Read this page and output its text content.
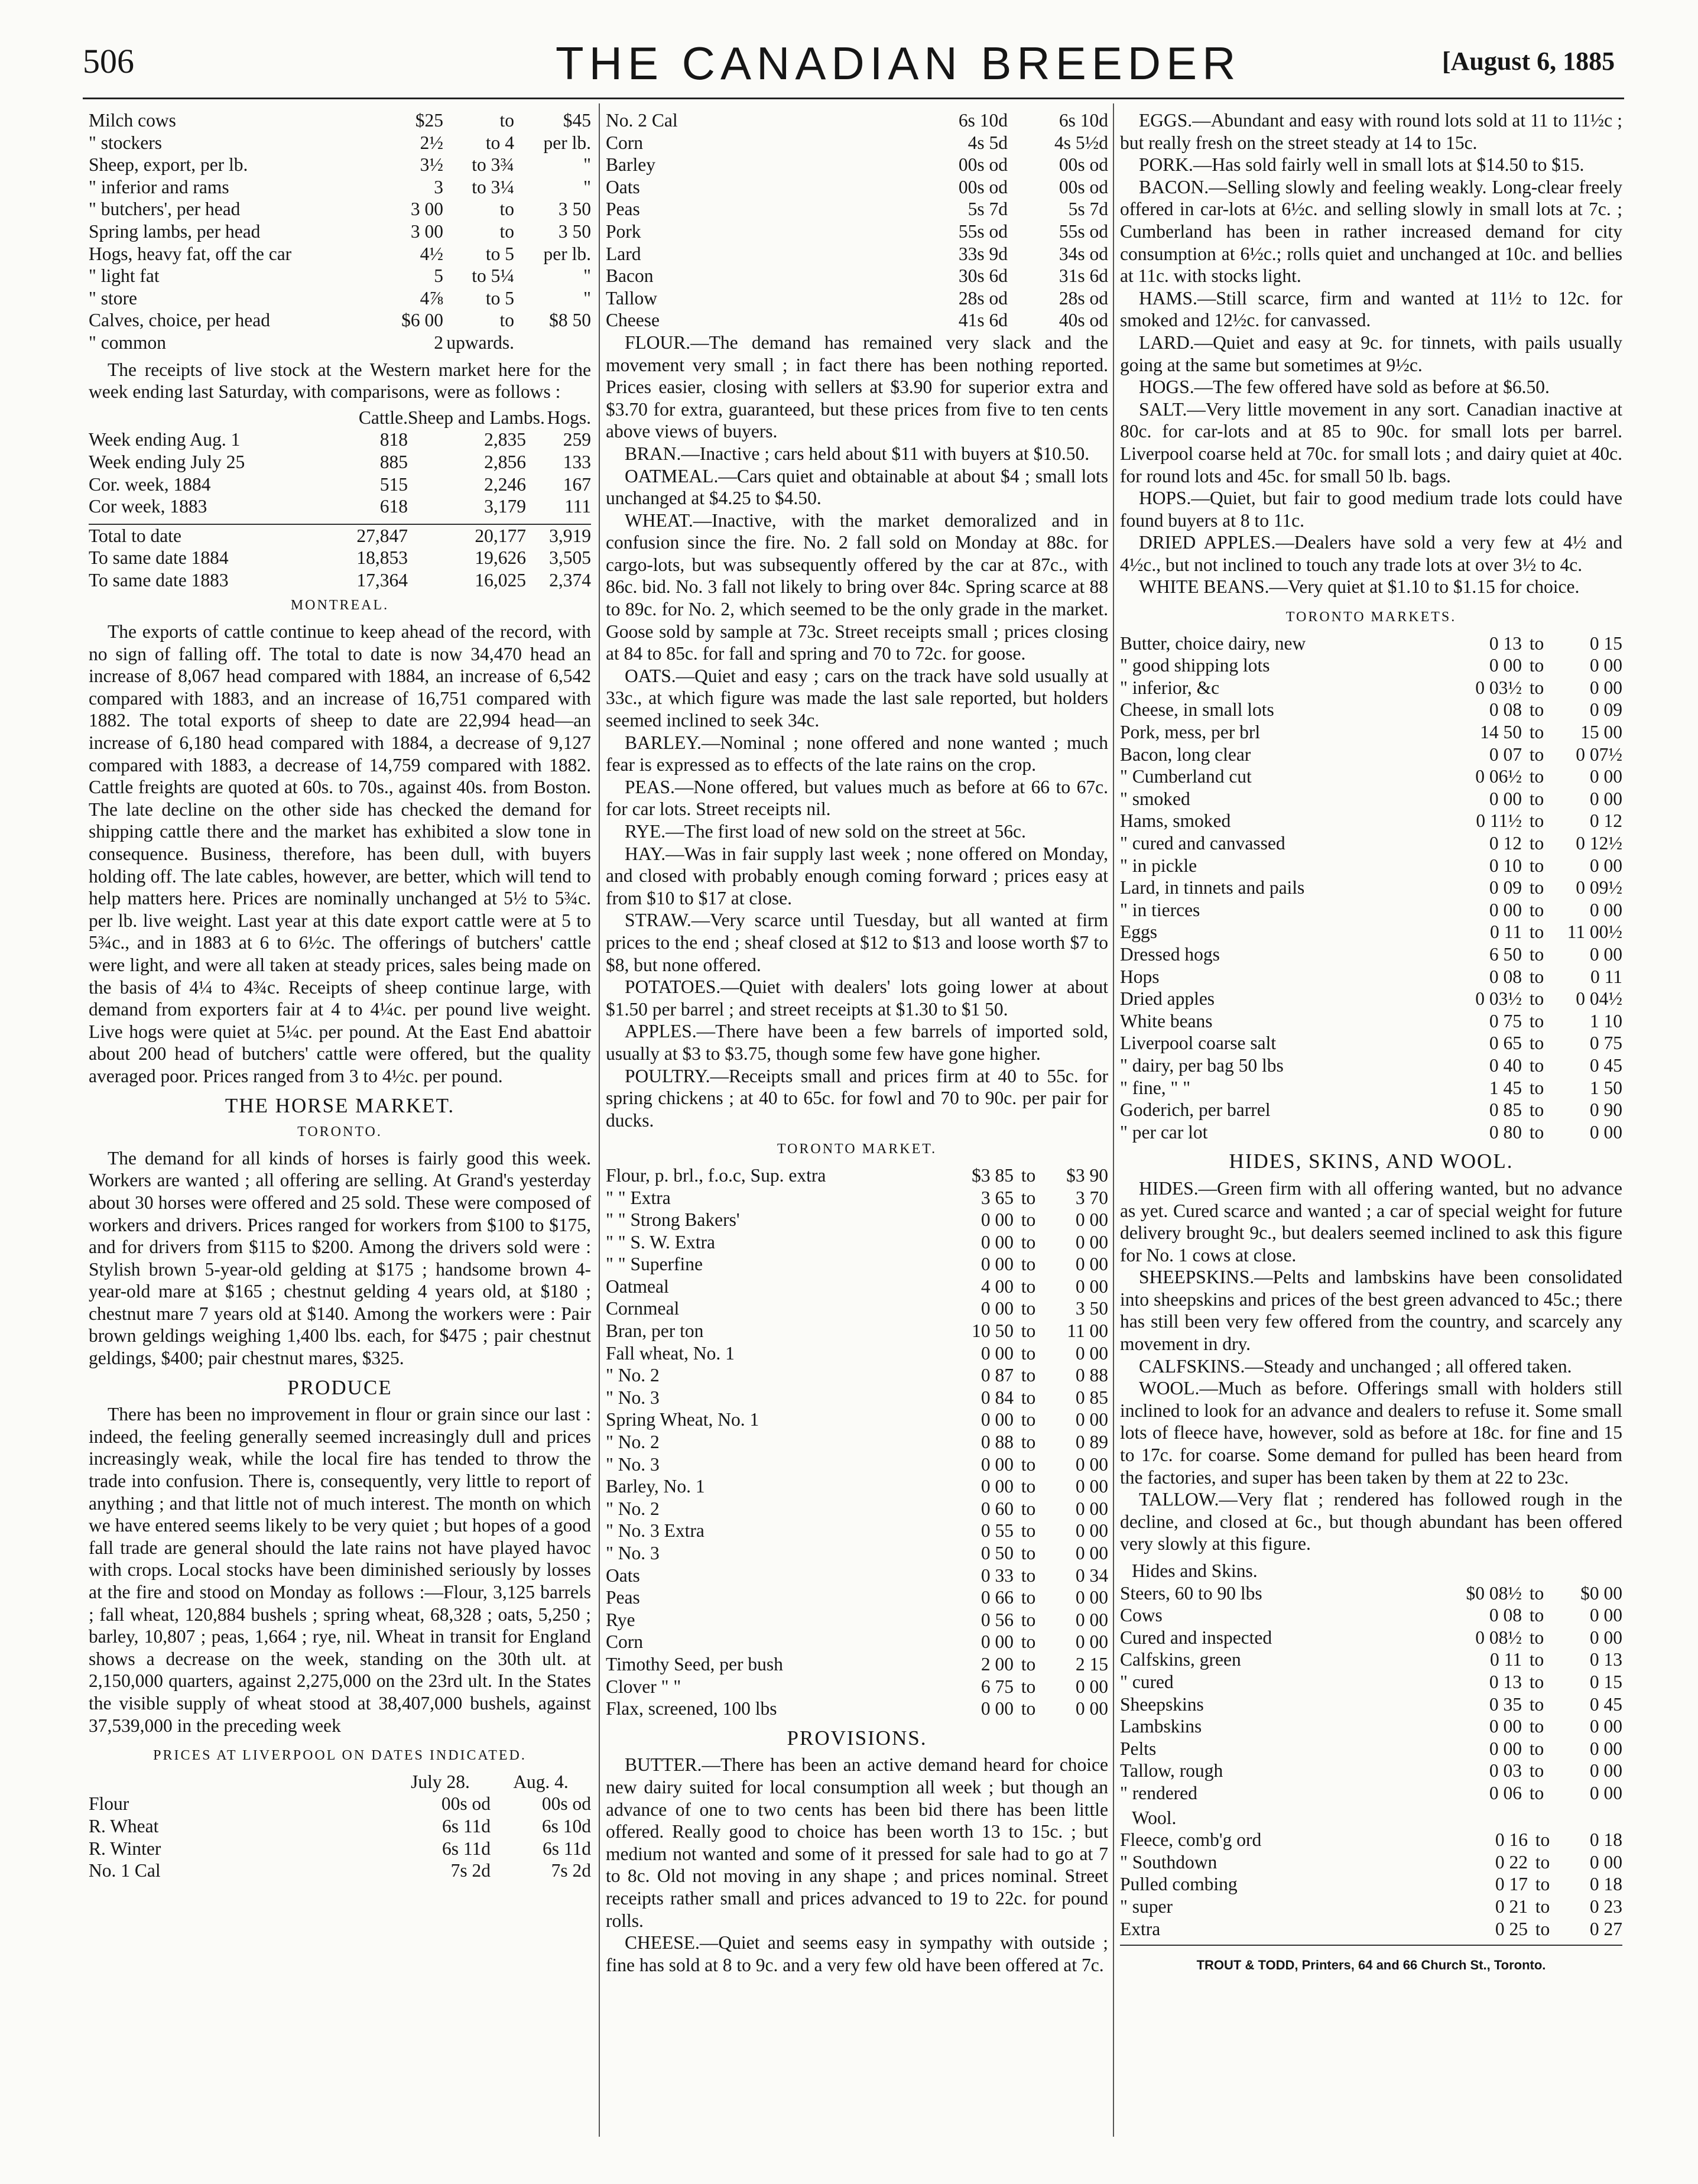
506	THE CANADIAN BREEDER	[August 6, 1885
Milch cows	$25	to	$45
" stockers	2½	to 4	per lb.
Sheep, export, per lb.	3½	to 3¾	"
" inferior and rams	3	to 3¼	"
" butchers', per head	3 00	to	3 50
Spring lambs, per head	3 00	to	3 50
Hogs, heavy fat, off the car	4½	to 5	per lb.
" light fat	5	to 5¼	"
" store	4⅞	to 5	"
Calves, choice, per head	$6 00	to	$8 50
" common	2 upwards.

The receipts of live stock at the Western market here for the week ending last Saturday, with comparisons, were as follows :

Cattle. Sheep and Lambs. Hogs.
Week ending Aug. 1	818	2,835	259
Week ending July 25	885	2,856	133
Cor. week, 1884	515	2,246	167
Cor week, 1883	618	3,179	111
Total to date	27,847	20,177	3,919
To same date 1884	18,853	19,626	3,505
To same date 1883	17,364	16,025	2,374
MONTREAL.

The exports of cattle continue to keep ahead of the record, with no sign of falling off. The total to date is now 34,470 head an increase of 8,067 head compared with 1884, an increase of 6,542 compared with 1883, and an increase of 16,751 compared with 1882. The total exports of sheep to date are 22,994 head—an increase of 6,180 head compared with 1884, a decrease of 9,127 compared with 1883, a decrease of 14,759 compared with 1882. Cattle freights are quoted at 60s. to 70s., against 40s. from Boston. The late decline on the other side has checked the demand for shipping cattle there and the market has exhibited a slow tone in consequence. Business, therefore, has been dull, with buyers holding off. The late cables, however, are better, which will tend to help matters here. Prices are nominally unchanged at 5½ to 5¾c. per lb. live weight. Last year at this date export cattle were at 5 to 5¾c., and in 1883 at 6 to 6½c. The offerings of butchers' cattle were light, and were all taken at steady prices, sales being made on the basis of 4¼ to 4¾c. Receipts of sheep continue large, with demand from exporters fair at 4 to 4¼c. per pound live weight. Live hogs were quiet at 5¼c. per pound. At the East End abattoir about 200 head of butchers' cattle were offered, but the quality averaged poor. Prices ranged from 3 to 4½c. per pound.

THE HORSE MARKET.
TORONTO.

The demand for all kinds of horses is fairly good this week. Workers are wanted ; all offering are selling. At Grand's yesterday about 30 horses were offered and 25 sold. These were composed of workers and drivers. Prices ranged for workers from $100 to $175, and for drivers from $115 to $200. Among the drivers sold were : Stylish brown 5-year-old gelding at $175 ; handsome brown 4-year-old mare at $165 ; chestnut gelding 4 years old, at $180 ; chestnut mare 7 years old at $140. Among the workers were : Pair brown geldings weighing 1,400 lbs. each, for $475 ; pair chestnut geldings, $400; pair chestnut mares, $325.

PRODUCE

There has been no improvement in flour or grain since our last : indeed, the feeling generally seemed increasingly dull and prices increasingly weak, while the local fire has tended to throw the trade into confusion. There is, consequently, very little to report of anything ; and that little not of much interest. The month on which we have entered seems likely to be very quiet ; but hopes of a good fall trade are general should the late rains not have played havoc with crops. Local stocks have been diminished seriously by losses at the fire and stood on Monday as follows :—Flour, 3,125 barrels ; fall wheat, 120,884 bushels ; spring wheat, 68,328 ; oats, 5,250 ; barley, 10,807 ; peas, 1,664 ; rye, nil. Wheat in transit for England shows a decrease on the week, standing on the 30th ult. at 2,150,000 quarters, against 2,275,000 on the 23rd ult. In the States the visible supply of wheat stood at 38,407,000 bushels, against 37,539,000 in the preceding week

PRICES AT LIVERPOOL ON DATES INDICATED.
July 28.	Aug. 4.
Flour	00s od	00s od
R. Wheat	6s 11d	6s 10d
R. Winter	6s 11d	6s 11d
No. 1 Cal	7s 2d	7s 2d
No. 2 Cal	6s 10d	6s 10d
Corn	4s 5d	4s 5½d
Barley	00s od	00s od
Oats	00s od	00s od
Peas	5s 7d	5s 7d
Pork	55s od	55s od
Lard	33s 9d	34s od
Bacon	30s 6d	31s 6d
Tallow	28s od	28s od
Cheese	41s 6d	40s od

FLOUR.—The demand has remained very slack and the movement very small ; in fact there has been nothing reported. Prices easier, closing with sellers at $3.90 for superior extra and $3.70 for extra, guaranteed, but these prices from five to ten cents above views of buyers.

BRAN.—Inactive ; cars held about $11 with buyers at $10.50.

OATMEAL.—Cars quiet and obtainable at about $4 ; small lots unchanged at $4.25 to $4.50.

WHEAT.—Inactive, with the market demoralized and in confusion since the fire. No. 2 fall sold on Monday at 88c. for cargo-lots, but was subsequently offered by the car at 87c., with 86c. bid. No. 3 fall not likely to bring over 84c. Spring scarce at 88 to 89c. for No. 2, which seemed to be the only grade in the market. Goose sold by sample at 73c. Street receipts small ; prices closing at 84 to 85c. for fall and spring and 70 to 72c. for goose.

OATS.—Quiet and easy ; cars on the track have sold usually at 33c., at which figure was made the last sale reported, but holders seemed inclined to seek 34c.

BARLEY.—Nominal ; none offered and none wanted ; much fear is expressed as to effects of the late rains on the crop.

PEAS.—None offered, but values much as before at 66 to 67c. for car lots. Street receipts nil.

RYE.—The first load of new sold on the street at 56c.

HAY.—Was in fair supply last week ; none offered on Monday, and closed with probably enough coming forward ; prices easy at from $10 to $17 at close.

STRAW.—Very scarce until Tuesday, but all wanted at firm prices to the end ; sheaf closed at $12 to $13 and loose worth $7 to $8, but none offered.

POTATOES.—Quiet with dealers' lots going lower at about $1.50 per barrel ; and street receipts at $1.30 to $1 50.

APPLES.—There have been a few barrels of imported sold, usually at $3 to $3.75, though some few have gone higher.

POULTRY.—Receipts small and prices firm at 40 to 55c. for spring chickens ; at 40 to 65c. for fowl and 70 to 90c. per pair for ducks.

TORONTO MARKET.
Flour, p. brl., f.o.c, Sup. extra	$3 85 to	$3 90
" " Extra	3 65 to	3 70
" " Strong Bakers'	0 00 to	0 00
" " S. W. Extra	0 00 to	0 00
" " Superfine	0 00 to	0 00
Oatmeal	4 00 to	0 00
Cornmeal	0 00 to	3 50
Bran, per ton	10 50 to	11 00
Fall wheat, No. 1	0 00 to	0 00
" No. 2	0 87 to	0 88
" No. 3	0 84 to	0 85
Spring Wheat, No. 1	0 00 to	0 00
" No. 2	0 88 to	0 89
" No. 3	0 00 to	0 00
Barley, No. 1	0 00 to	0 00
" No. 2	0 60 to	0 00
" No. 3 Extra	0 55 to	0 00
" No. 3	0 50 to	0 00
Oats	0 33 to	0 34
Peas	0 66 to	0 00
Rye	0 56 to	0 00
Corn	0 00 to	0 00
Timothy Seed, per bush	2 00 to	2 15
Clover " "	6 75 to	0 00
Flax, screened, 100 lbs	0 00 to	0 00
PROVISIONS.

BUTTER.—There has been an active demand heard for choice new dairy suited for local consumption all week ; but though an advance of one to two cents has been bid there has been little offered. Really good to choice has been worth 13 to 15c. ; but medium not wanted and some of it pressed for sale had to go at 7 to 8c. Old not moving in any shape ; and prices nominal. Street receipts rather small and prices advanced to 19 to 22c. for pound rolls.

CHEESE.—Quiet and seems easy in sympathy with outside ; fine has sold at 8 to 9c. and a very few old have been offered at 7c.

EGGS.—Abundant and easy with round lots sold at 11 to 11½c ; but really fresh on the street steady at 14 to 15c.

PORK.—Has sold fairly well in small lots at $14.50 to $15.

BACON.—Selling slowly and feeling weakly. Long-clear freely offered in car-lots at 6½c. and selling slowly in small lots at 7c. ; Cumberland has been in rather increased demand for city consumption at 6½c.; rolls quiet and unchanged at 10c. and bellies at 11c. with stocks light.

HAMS.—Still scarce, firm and wanted at 11½ to 12c. for smoked and 12½c. for canvassed.

LARD.—Quiet and easy at 9c. for tinnets, with pails usually going at the same but sometimes at 9½c.

HOGS.—The few offered have sold as before at $6.50.

SALT.—Very little movement in any sort. Canadian inactive at 80c. for car-lots and at 85 to 90c. for small lots per barrel. Liverpool coarse held at 70c. for small lots ; and dairy quiet at 40c. for round lots and 45c. for small 50 lb. bags.

HOPS.—Quiet, but fair to good medium trade lots could have found buyers at 8 to 11c.

DRIED APPLES.—Dealers have sold a very few at 4½ and 4½c., but not inclined to touch any trade lots at over 3½ to 4c.

WHITE BEANS.—Very quiet at $1.10 to $1.15 for choice.

TORONTO MARKETS.
Butter, choice dairy, new	0 13 to	0 15
" good shipping lots	0 00 to	0 00
" inferior, &c	0 03½ to	0 00
Cheese, in small lots	0 08 to	0 09
Pork, mess, per brl	14 50 to	15 00
Bacon, long clear	0 07 to	0 07½
" Cumberland cut	0 06½ to	0 00
" smoked	0 00 to	0 00
Hams, smoked	0 11½ to	0 12
" cured and canvassed	0 12 to	0 12½
" in pickle	0 10 to	0 00
Lard, in tinnets and pails	0 09 to	0 09½
" in tierces	0 00 to	0 00
Eggs	0 11 to	11 00½
Dressed hogs	6 50 to	0 00
Hops	0 08 to	0 11
Dried apples	0 03½ to	0 04½
White beans	0 75 to	1 10
Liverpool coarse salt	0 65 to	0 75
" dairy, per bag 50 lbs	0 40 to	0 45
" fine, " "	1 45 to	1 50
Goderich, per barrel	0 85 to	0 90
" per car lot	0 80 to	0 00
HIDES, SKINS, AND WOOL.

HIDES.—Green firm with all offering wanted, but no advance as yet. Cured scarce and wanted ; a car of special weight for future delivery brought 9c., but dealers seemed inclined to ask this figure for No. 1 cows at close.

SHEEPSKINS.—Pelts and lambskins have been consolidated into sheepskins and prices of the best green advanced to 45c.; there has still been very few offered from the country, and scarcely any movement in dry.

CALFSKINS.—Steady and unchanged ; all offered taken.

WOOL.—Much as before. Offerings small with holders still inclined to look for an advance and dealers to refuse it. Some small lots of fleece have, however, sold as before at 18c. for fine and 15 to 17c. for coarse. Some demand for pulled has been heard from the factories, and super has been taken by them at 22 to 23c.

TALLOW.—Very flat ; rendered has followed rough in the decline, and closed at 6c., but though abundant has been offered very slowly at this figure.

Hides and Skins.
Steers, 60 to 90 lbs	$0 08½ to	$0 00
Cows	0 08 to	0 00
Cured and inspected	0 08½ to	0 00
Calfskins, green	0 11 to	0 13
" cured	0 13 to	0 15
Sheepskins	0 35 to	0 45
Lambskins	0 00 to	0 00
Pelts	0 00 to	0 00
Tallow, rough	0 03 to	0 00
" rendered	0 06 to	0 00
Wool.
Fleece, comb'g ord	0 16 to	0 18
" Southdown	0 22 to	0 00
Pulled combing	0 17 to	0 18
" super	0 21 to	0 23
Extra	0 25 to	0 27
TROUT & TODD, Printers, 64 and 66 Church St., Toronto.
